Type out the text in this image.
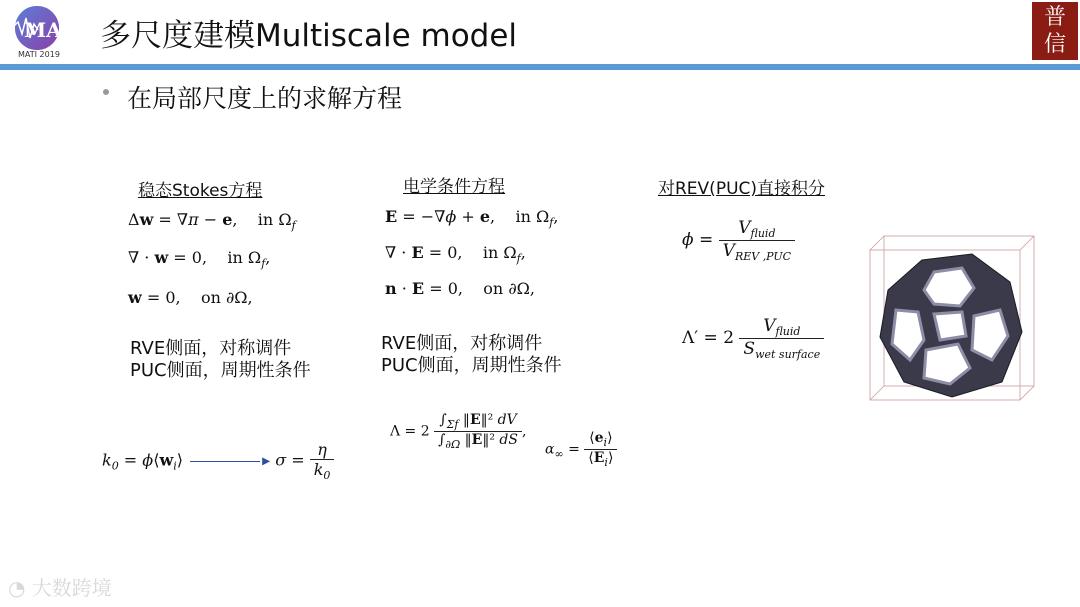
MAI
MATI 2019
多尺度建模Multiscale model
普信
在局部尺度上的求解方程
稳态Stokes方程
Δw = ∇π − e,    in $\Omega_f$
∇ · w = 0,    in $\Omega_f$,
w = 0,    on ∂Ω,
RVE侧面，对称调件
PUC侧面，周期性条件
电学条件方程
E = −∇ϕ + e,    in $\Omega_f$,
∇ · E = 0,    in $\Omega_f$,
n · E = 0,    on ∂Ω,
RVE侧面，对称调件
PUC侧面，周期性条件
对REV(PUC)直接积分
$\phi = \frac{V_{fluid}}{V_{REV ,PUC}}$
$\Lambda' = 2 \frac{V_{fluid}}{S_{wet surface}}$
$k_0$ = $\phi⟨w_i⟩$	▸ $\sigma = \frac{\eta}{k_0}$
$\Lambda = 2 \frac{\int_{\Sigma f} ‖E‖^2 dV}{\int_{\partial\Omega} ‖E‖^2 dS}$ ,
$\alpha_\infty = \frac{⟨e_i⟩}{⟨E_i⟩}$
◔ 大数跨境
